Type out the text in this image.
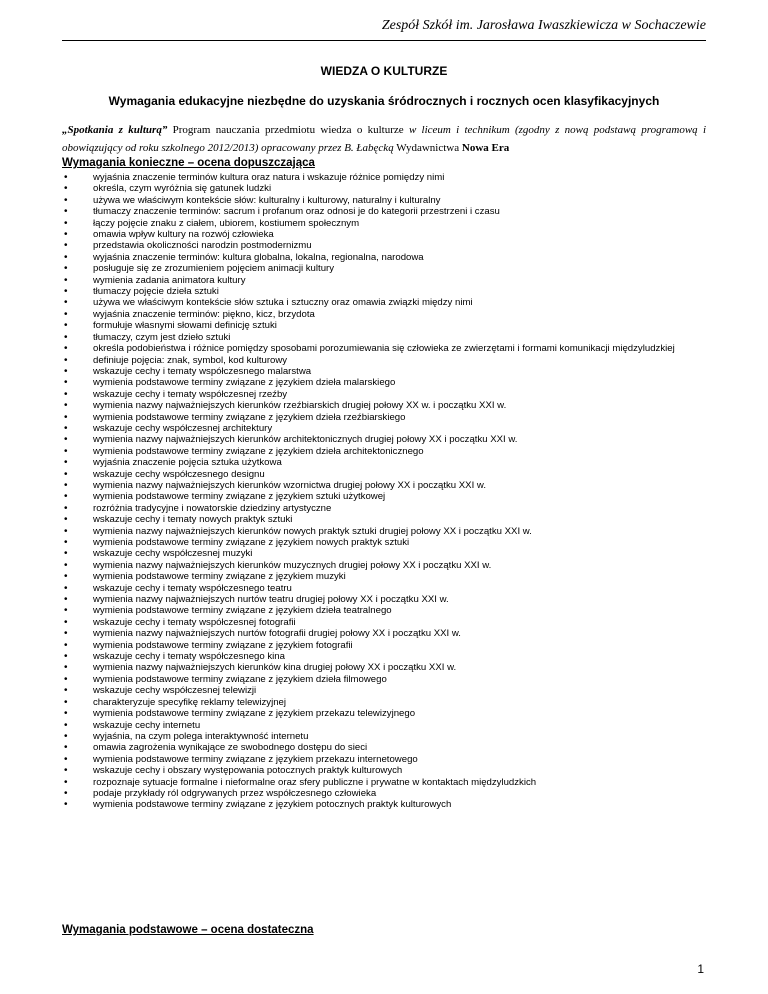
Zespół Szkół im. Jarosława Iwaszkiewicza w Sochaczewie
WIEDZA O KULTURZE
Wymagania edukacyjne niezbędne do uzyskania śródrocznych i rocznych ocen klasyfikacyjnych
„Spotkania z kulturą” Program nauczania przedmiotu wiedza o kulturze w liceum i technikum (zgodny z nową podstawą programową i obowiązujący od roku szkolnego 2012/2013) opracowany przez B. Łabęcką Wydawnictwa Nowa Era
Wymagania konieczne – ocena dopuszczająca
• wyjaśnia znaczenie terminów kultura oraz natura i wskazuje różnice pomiędzy nimi
• określa, czym wyróżnia się gatunek ludzki
• używa we właściwym kontekście słów: kulturalny i kulturowy, naturalny i kulturalny
• tłumaczy znaczenie terminów: sacrum i profanum oraz odnosi je do kategorii przestrzeni i czasu
• łączy pojęcie znaku z ciałem, ubiorem, kostiumem społecznym
• omawia wpływ kultury na rozwój człowieka
• przedstawia okoliczności narodzin postmodernizmu
• wyjaśnia znaczenie terminów: kultura globalna, lokalna, regionalna, narodowa
• posługuje się ze zrozumieniem pojęciem animacji kultury
• wymienia zadania animatora kultury
• tłumaczy pojęcie dzieła sztuki
• używa we właściwym kontekście słów sztuka i sztuczny oraz omawia związki między nimi
• wyjaśnia znaczenie terminów: piękno, kicz, brzydota
• formułuje własnymi słowami definicję sztuki
• tłumaczy, czym jest dzieło sztuki
• określa podobieństwa i różnice pomiędzy sposobami porozumiewania się człowieka ze zwierzętami i formami komunikacji międzyludzkiej
• definiuje pojęcia: znak, symbol, kod kulturowy
• wskazuje cechy i tematy współczesnego malarstwa
• wymienia podstawowe terminy związane z językiem dzieła malarskiego
• wskazuje cechy i tematy współczesnej rzeźby
• wymienia nazwy najważniejszych kierunków rzeźbiarskich drugiej połowy XX w. i początku XXI w.
• wymienia podstawowe terminy związane z językiem dzieła rzeźbiarskiego
• wskazuje cechy współczesnej architektury
• wymienia nazwy najważniejszych kierunków architektonicznych drugiej połowy XX i początku XXI w.
• wymienia podstawowe terminy związane z językiem dzieła architektonicznego
• wyjaśnia znaczenie pojęcia sztuka użytkowa
• wskazuje cechy współczesnego designu
• wymienia nazwy najważniejszych kierunków wzornictwa drugiej połowy XX i początku XXI w.
• wymienia podstawowe terminy związane z językiem sztuki użytkowej
• rozróżnia tradycyjne i nowatorskie dziedziny artystyczne
• wskazuje cechy i tematy nowych praktyk sztuki
• wymienia nazwy najważniejszych kierunków nowych praktyk sztuki drugiej połowy XX i początku XXI w.
• wymienia podstawowe terminy związane z językiem nowych praktyk sztuki
• wskazuje cechy współczesnej muzyki
• wymienia nazwy najważniejszych kierunków muzycznych drugiej połowy XX i początku XXI w.
• wymienia podstawowe terminy związane z językiem muzyki
• wskazuje cechy i tematy współczesnego teatru
• wymienia nazwy najważniejszych nurtów teatru drugiej połowy XX i początku XXI w.
• wymienia podstawowe terminy związane z językiem dzieła teatralnego
• wskazuje cechy i tematy współczesnej fotografii
• wymienia nazwy najważniejszych nurtów fotografii drugiej połowy XX i początku XXI w.
• wymienia podstawowe terminy związane z językiem fotografii
• wskazuje cechy i tematy współczesnego kina
• wymienia nazwy najważniejszych kierunków kina drugiej połowy XX i początku XXI w.
• wymienia podstawowe terminy związane z językiem dzieła filmowego
• wskazuje cechy współczesnej telewizji
• charakteryzuje specyfikę reklamy telewizyjnej
• wymienia podstawowe terminy związane z językiem przekazu telewizyjnego
• wskazuje cechy internetu
• wyjaśnia, na czym polega interaktywność internetu
• omawia zagrożenia wynikające ze swobodnego dostępu do sieci
• wymienia podstawowe terminy związane z językiem przekazu internetowego
• wskazuje cechy i obszary występowania potocznych praktyk kulturowych
• rozpoznaje sytuacje formalne i nieformalne oraz sfery publiczne i prywatne w kontaktach międzyludzkich
• podaje przykłady ról odgrywanych przez współczesnego człowieka
• wymienia podstawowe terminy związane z językiem potocznych praktyk kulturowych
Wymagania podstawowe – ocena dostateczna
1
